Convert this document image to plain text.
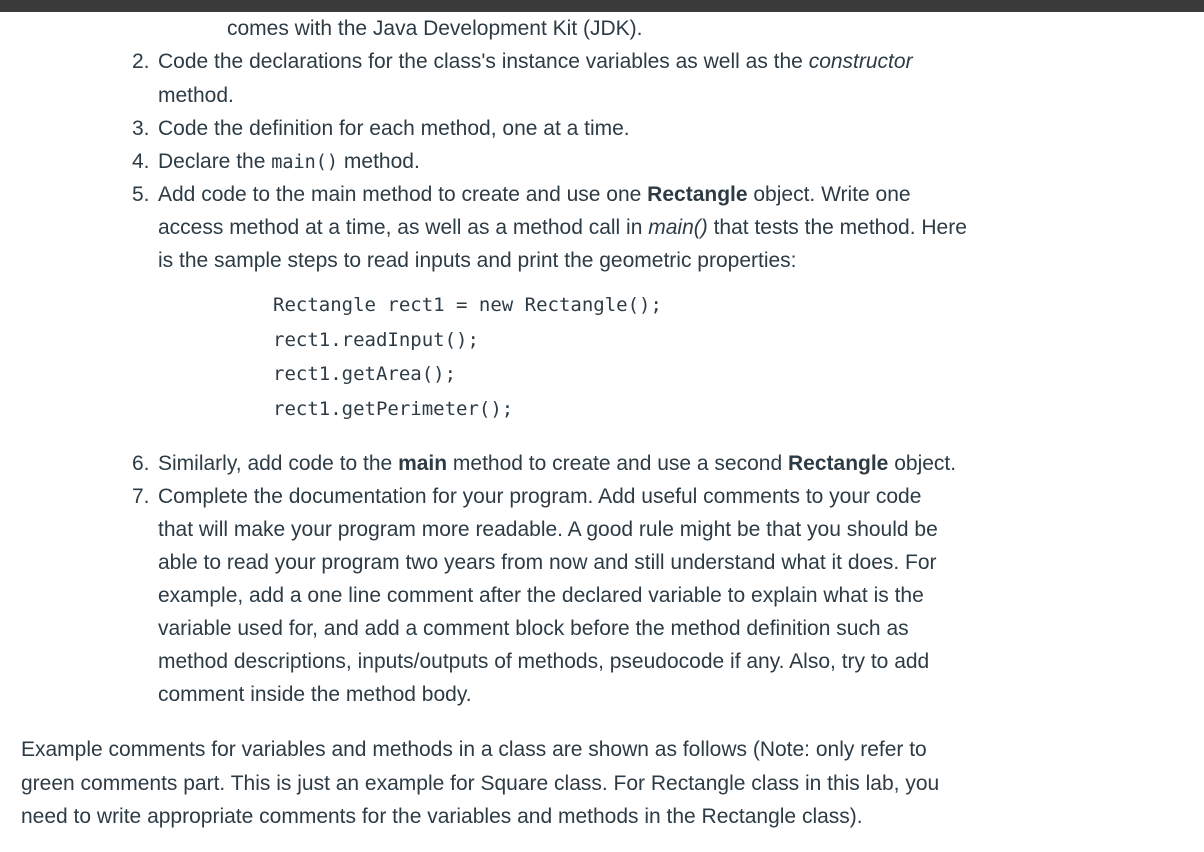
comes with the Java Development Kit (JDK).
2. Code the declarations for the class's instance variables as well as the constructor
method.
3. Code the definition for each method, one at a time.
4. Declare the main() method.
5. Add code to the main method to create and use one Rectangle object. Write one
access method at a time, as well as a method call in main() that tests the method. Here
is the sample steps to read inputs and print the geometric properties:
Rectangle rect1 = new Rectangle();
rect1.readInput();
rect1.getArea();
rect1.getPerimeter();
6. Similarly, add code to the main method to create and use a second Rectangle object.
7. Complete the documentation for your program. Add useful comments to your code
that will make your program more readable. A good rule might be that you should be
able to read your program two years from now and still understand what it does. For
example, add a one line comment after the declared variable to explain what is the
variable used for, and add a comment block before the method definition such as
method descriptions, inputs/outputs of methods, pseudocode if any. Also, try to add
comment inside the method body.
Example comments for variables and methods in a class are shown as follows (Note: only refer to
green comments part. This is just an example for Square class. For Rectangle class in this lab, you
need to write appropriate comments for the variables and methods in the Rectangle class).
